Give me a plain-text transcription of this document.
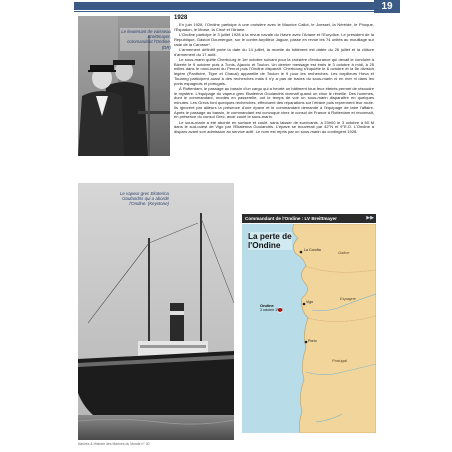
19
Le lieutenant de vaisseau Breittmayer, commandant l'Ondine. (DR)
1928

En juin 1928, l'Ondine participe à une croisière avec le Maurice Callot, le Joessel, la Néréide, le Phoque, l'Espadon, le Morse, la Circé et l'Ariane.

L'Ondine participe le 3 juillet 1928 à la revue navale du Havre avec l'Ariane et l'Eurydice. Le président de la République, Gaston Doumergue, sur le contre-torpilleur Jaguar, passe en revue les 74 unités au mouillage sur rade de la Carosse*.

L'armement définitif porte la date du 14 juillet, la recette du bâtiment est datée du 26 juillet et la clôture d'armement du 17 août.

Le sous-marin quitte Cherbourg le 1er octobre suivant pour la croisière d'endurance qui devait le conduire à Bizerte le 9 octobre puis à Tunis, Ajaccio et Toulon. Un dernier message est émis le 3 octobre à midi, à 25 milles dans le nord-ouest du Penrot puis l'Ondine disparaît. Cherbourg s'inquiète le 6 octobre et la 5e division légère (Panthère, Tigre et Chacal) appareille de Toulon le 9 pour les recherches. Les torpilleurs Hova et Touareg participent aussi à des recherches mais il n'y a pas de traces du sous-marin ni en mer ni dans les ports espagnols et portugais.

À Rotterdam, le passage au bassin d'un cargo qui a heurté un bâtiment tous feux éteints permet de résoudre le mystère. L'équipage du vapeur grec Ekaterina Goulandris dormait quand un choc le réveille. Des hommes, dont le commandant, montés en passerelle, ont le temps de voir un sous-marin disparaître en quelques minutes. Les Grecs font quelques recherches, effectuent des réparations sur l'étrave puis reprennent leur route. Ils ignorent par ailleurs la présence d'une épave et le commandant demande à l'équipage de taire l'affaire. Après le passage au bassin, le commandant est convoqué chez le consul de France à Rotterdam et reconnaît, en présence du consul Grec, avoir coulé le sous-marin.

Le sous-marin a été abordé en surface et coulé, sans laisser de survivants, à 23h00 le 3 octobre à 50 M dans le sud-ouest de Vigo par l'Ekaterina Goulandris. L'épave se trouverait par 42°N et 9°E.O. L'Ondine a disparu avant son admission au service actif. Le nom est repris par un sous-marin du contingent 1928.

Le vapeur grec Ekaterina Goulandris qui a abordé l'Ondine. (Keystone)
Commandant de l'Ondine : LV Breittmayer	▶▶
La perte de
l'Ondine	La Coruña	Galice
Ondine
3 octobre 1928
Vigo
Espagne
Porto
Portugal
Navires & Histoire des Marines du Monde n° 40
